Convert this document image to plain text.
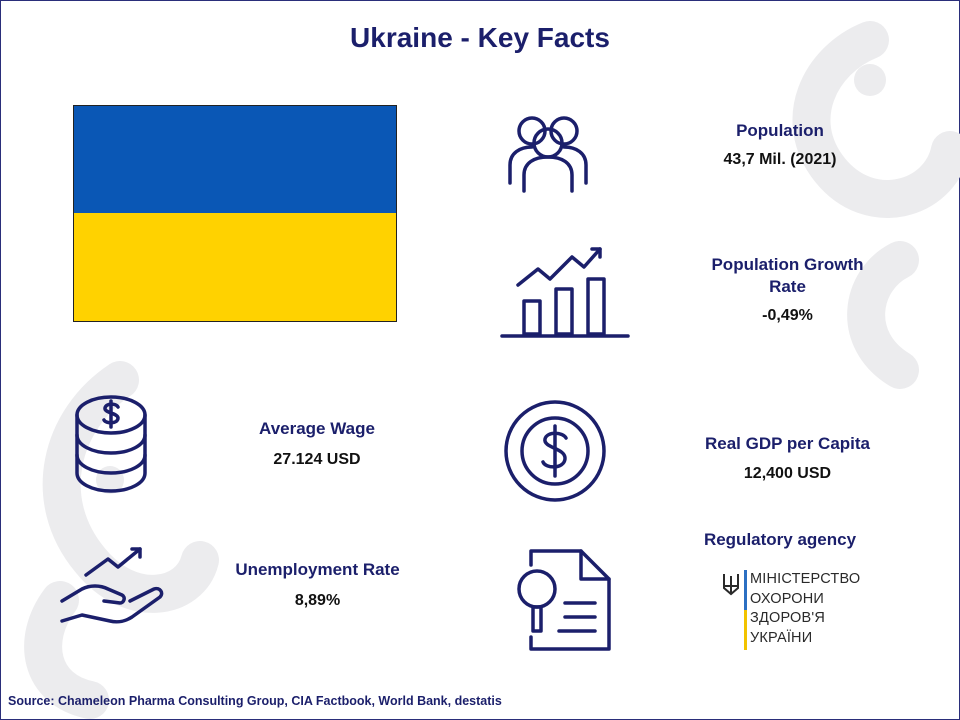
Ukraine - Key Facts
Population
43,7 Mil. (2021)
Population Growth
Rate
-0,49%
Average Wage
27.124 USD
Real GDP per Capita
12,400 USD
Unemployment Rate
8,89%
Regulatory agency
МІНІСТЕРСТВО
ОХОРОНИ
ЗДОРОВ'Я
УКРАЇНИ
Source: Chameleon Pharma Consulting Group, CIA Factbook, World Bank, destatis
